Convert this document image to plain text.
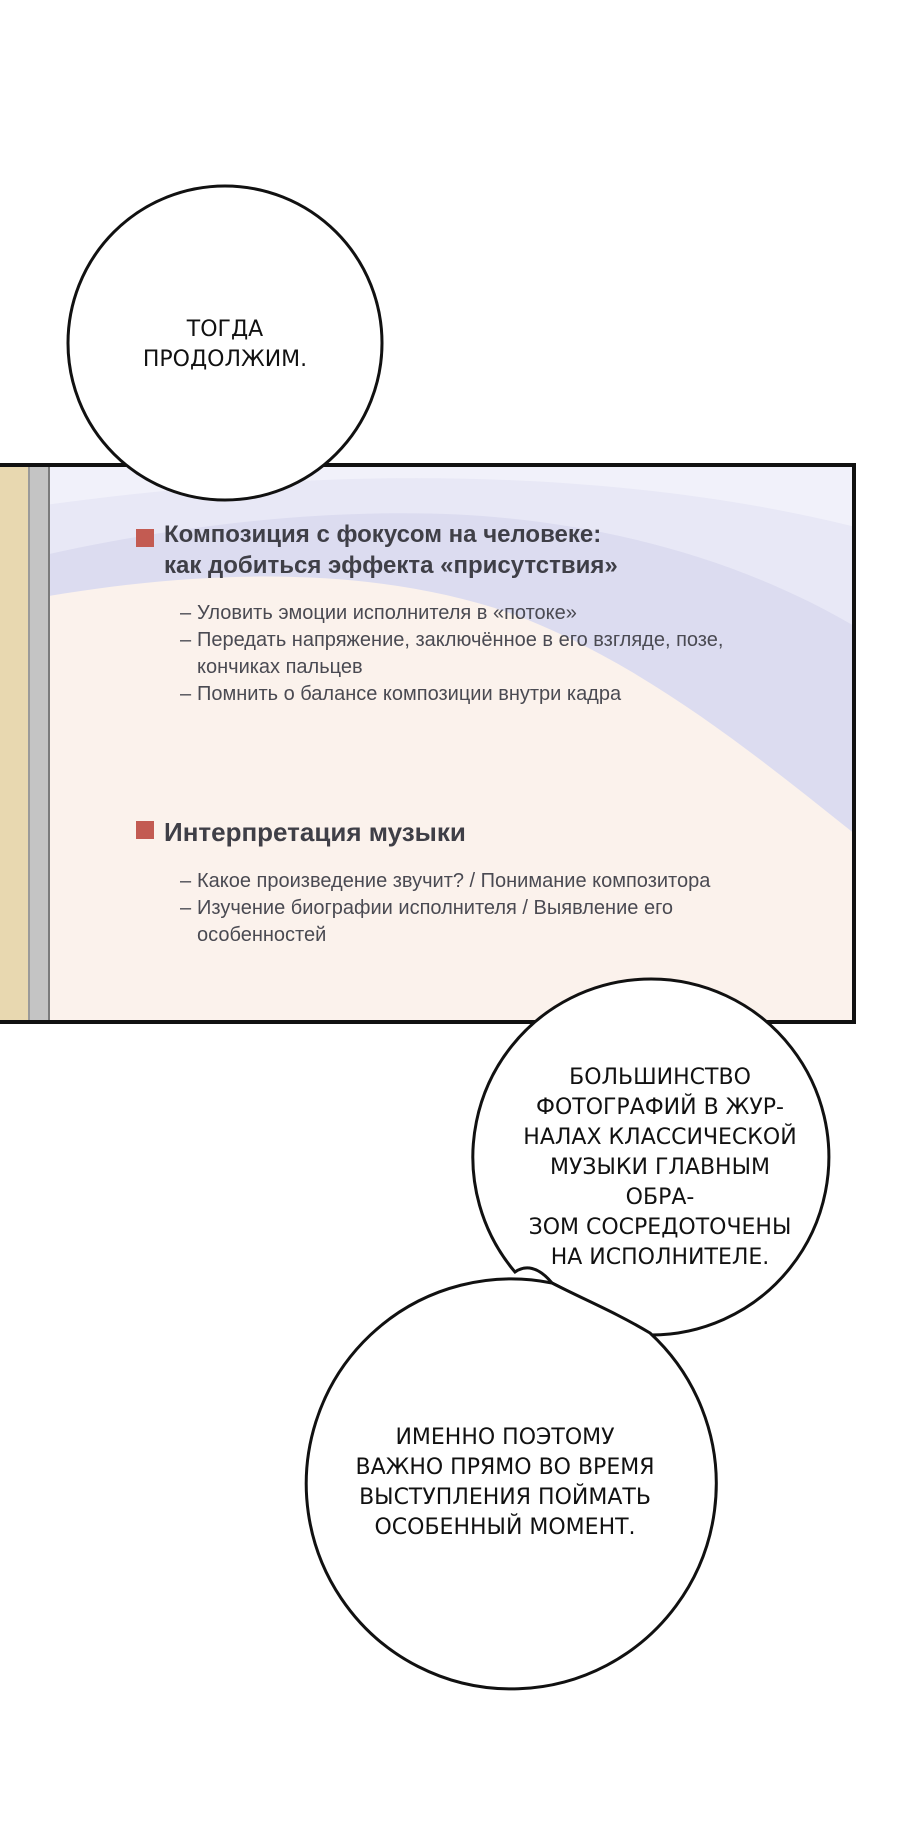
Композиция с фокусом на человеке:
как добиться эффекта «присутствия»
– Уловить эмоции исполнителя в «потоке»
– Передать напряжение, заключённое в его взгляде, позе, кончиках пальцев
– Помнить о балансе композиции внутри кадра
Интерпретация музыки
– Какое произведение звучит? / Понимание композитора
– Изучение биографии исполнителя / Выявление его особенностей
ТОГДА
ПРОДОЛЖИМ.
БОЛЬШИНСТВО
ФОТОГРАФИЙ В ЖУР-
НАЛАХ КЛАССИЧЕСКОЙ
МУЗЫКИ ГЛАВНЫМ ОБРА-
ЗОМ СОСРЕДОТОЧЕНЫ
НА ИСПОЛНИТЕЛЕ.
ИМЕННО ПОЭТОМУ
ВАЖНО ПРЯМО ВО ВРЕМЯ
ВЫСТУПЛЕНИЯ ПОЙМАТЬ
ОСОБЕННЫЙ МОМЕНТ.
